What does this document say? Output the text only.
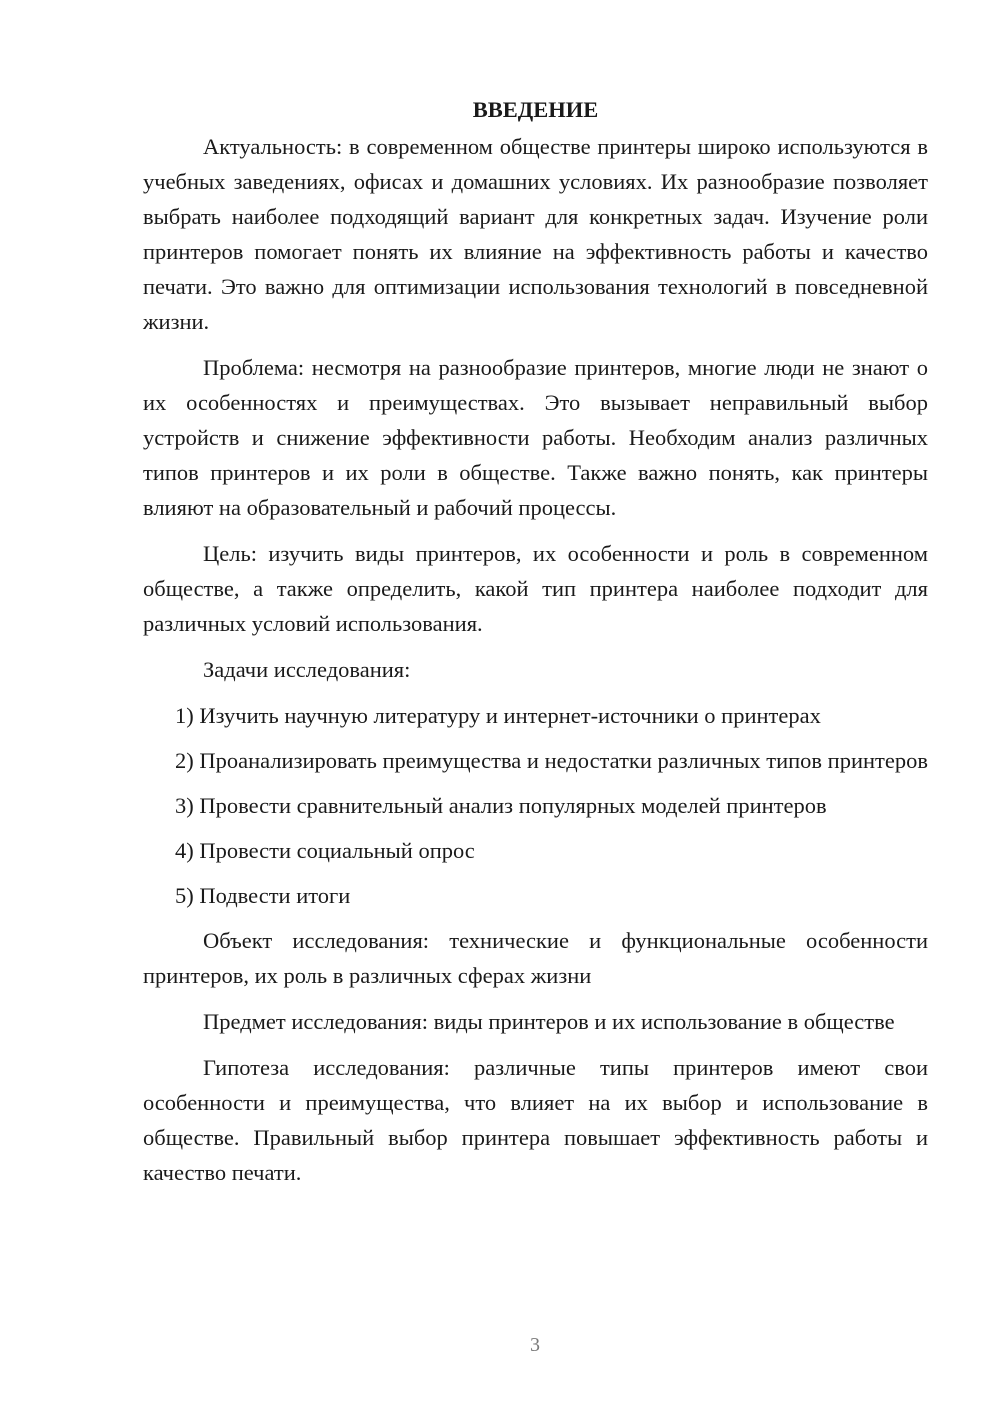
ВВЕДЕНИЕ

Актуальность: в современном обществе принтеры широко используются в учебных заведениях, офисах и домашних условиях. Их разнообразие позволяет выбрать наиболее подходящий вариант для конкретных задач. Изучение роли принтеров помогает понять их влияние на эффективность работы и качество печати. Это важно для оптимизации использования технологий в повседневной жизни.

Проблема: несмотря на разнообразие принтеров, многие люди не знают о их особенностях и преимуществах. Это вызывает неправильный выбор устройств и снижение эффективности работы. Необходим анализ различных типов принтеров и их роли в обществе. Также важно понять, как принтеры влияют на образовательный и рабочий процессы.

Цель: изучить виды принтеров, их особенности и роль в современном обществе, а также определить, какой тип принтера наиболее подходит для различных условий использования.

Задачи исследования:

1) Изучить научную литературу и интернет-источники о принтерах

2) Проанализировать преимущества и недостатки различных типов принтеров

3) Провести сравнительный анализ популярных моделей принтеров

4) Провести социальный опрос

5) Подвести итоги

Объект исследования: технические и функциональные особенности принтеров, их роль в различных сферах жизни

Предмет исследования: виды принтеров и их использование в обществе

Гипотеза исследования: различные типы принтеров имеют свои особенности и преимущества, что влияет на их выбор и использование в обществе. Правильный выбор принтера повышает эффективность работы и качество печати.

3
